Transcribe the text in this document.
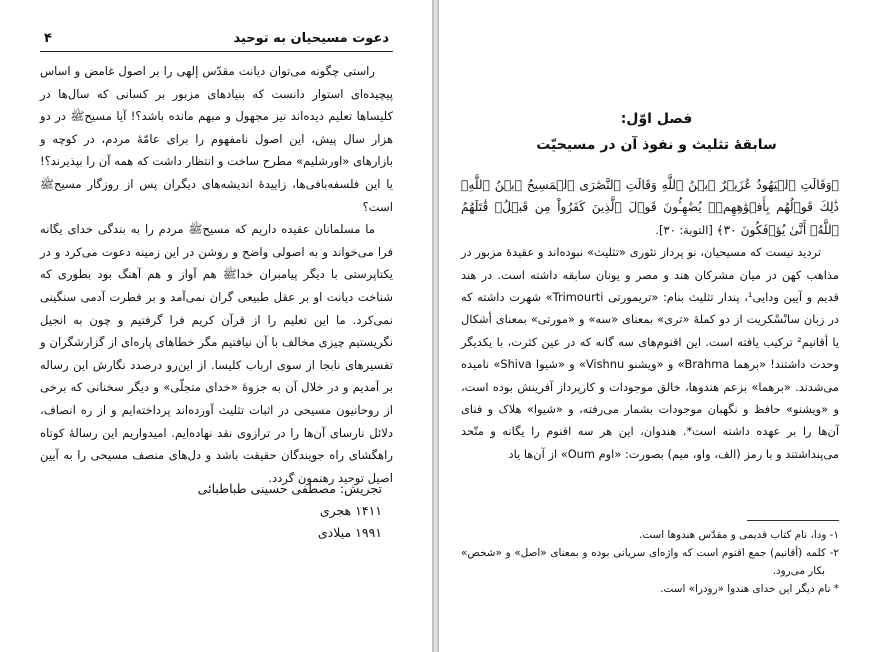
دعوت مسیحیان به توحید
۴

راستی چگونه می‌توان دیانت مقدّس إلهی را بر اصول غامض و اساس پیچیده‌ای استوار دانست که بنیادهای مزبور بر کسانی که سال‌ها در کلیساها تعلیم دیده‌اند نیز مجهول و مبهم مانده باشد؟! آیا مسیح‌ﷺ در دو هزار سال پیش، این اصول نامفهوم را برای عامّهٔ مردم، در کوچه و بازارهای «اورشلیم» مطرح ساخت و انتظار داشت که همه آن را بپذیرند؟! یا این فلسفه‌بافی‌ها، زاییدهٔ اندیشه‌های دیگران پس از روزگار مسیح‌ﷺ است؟

ما مسلمانان عقیده داریم که مسیح‌ﷺ مردم را به بندگی خدای یگانه فرا می‌خواند و به اصولی واضح و روشن در این زمینه دعوت می‌کرد و در یکتاپرستی با دیگر پیامبران خدا‌ﷺ هم آواز و هم آهنگ بود بطوری که شناخت دیانت او بر عقل طبیعی گران نمی‌آمد و بر فطرت آدمی سنگینی نمی‌کرد. ما این تعلیم را از قرآن کریم فرا گرفتیم و چون به انجیل نگریستیم چیزی مخالف با آن نیافتیم مگر خطاهای پاره‌ای از گزارشگران و تفسیرهای نابجا از سوی ارباب کلیسا. از این‌رو درصدد نگارش این رساله بر آمدیم و در خلال آن به جزوهٔ «خدای متجلّی» و دیگر سخنانی که برخی از روحانیون مسیحی در اثبات تثلیث آورده‌اند پرداخته‌ایم و از ره انصاف، دلائل نارسای آن‌ها را در ترازوی نقد نهاده‌ایم. امیدواریم این رسالهٔ کوتاه راهگشای راه جویندگان حقیقت باشد و دل‌های منصف مسیحی را به آیین اصیل توحید رهنمون گردد.

تجریش: مصطفی حسینی طباطبائی
۱۴۱۱ هجری
۱۹۹۱ میلادی
فصل اوّل:
سابقهٔ تثلیث و نفوذ آن در مسیحیّت

﴿وَقَالَتِ ٱلۡيَهُودُ عُزَيۡرٌ ٱبۡنُ ٱللَّهِ وَقَالَتِ ٱلنَّصَٰرَى ٱلۡمَسِيحُ ٱبۡنُ ٱللَّهِۖ ذَٰلِكَ قَوۡلُهُم بِأَفۡوَٰهِهِمۡۖ يُضَٰهِـُٔونَ قَوۡلَ ٱلَّذِينَ كَفَرُواْ مِن قَبۡلُۚ قَٰتَلَهُمُ ٱللَّهُۖ أَنَّىٰ يُؤۡفَكُونَ ٣٠﴾ [التوبة: ٣٠].

تردید نیست که مسیحیان، نو پرداز تئوری «تثلیث» نبوده‌اند و عقیدهٔ مزبور در مذاهب کهن در میان مشرکان هند و مصر و یونان سابقه داشته است. در هند قدیم و آیین ودایی¹، پندار تثلیث بنام: «تریمورتی Trimourti» شهرت داشته که در زبان سانْسْکریت از دو کملهٔ «تری» بمعنای «سه» و «مورتی» بمعنای أشکال یا أقانیم² ترکیب یافته است. این اقنوم‌های سه گانه که در عین کثرت، با یکدیگر وحدت داشتند! «برهما Brahma» و «ویشنو Vishnu» و «شیوا Shiva» نامیده می‌شدند. «برهما» بزعم هندوها، خالق موجودات و کارپرداز آفرینش بوده است، و «ویشنو» حافظ و نگهبان موجودات بشمار می‌رفته، و «شیوا» هلاک و فنای آن‌ها را بر عهده داشته است*. هندوان، این هر سه اقنوم را یگانه و متّحد می‌پنداشتند و با رمز (الف، واو، میم) بصورت: «اوم Oum» از آن‌ها یاد

۱- ودا، نام کتاب قدیمی و مقدّس هندوها است.

۲- کلمه (أقانیم) جمع اقنوم است که واژه‌ای سریانی بوده و بمعنای «اصل» و «شخص» بکار می‌رود.

* نام دیگر این خدای هندوا «رودرا» است.
